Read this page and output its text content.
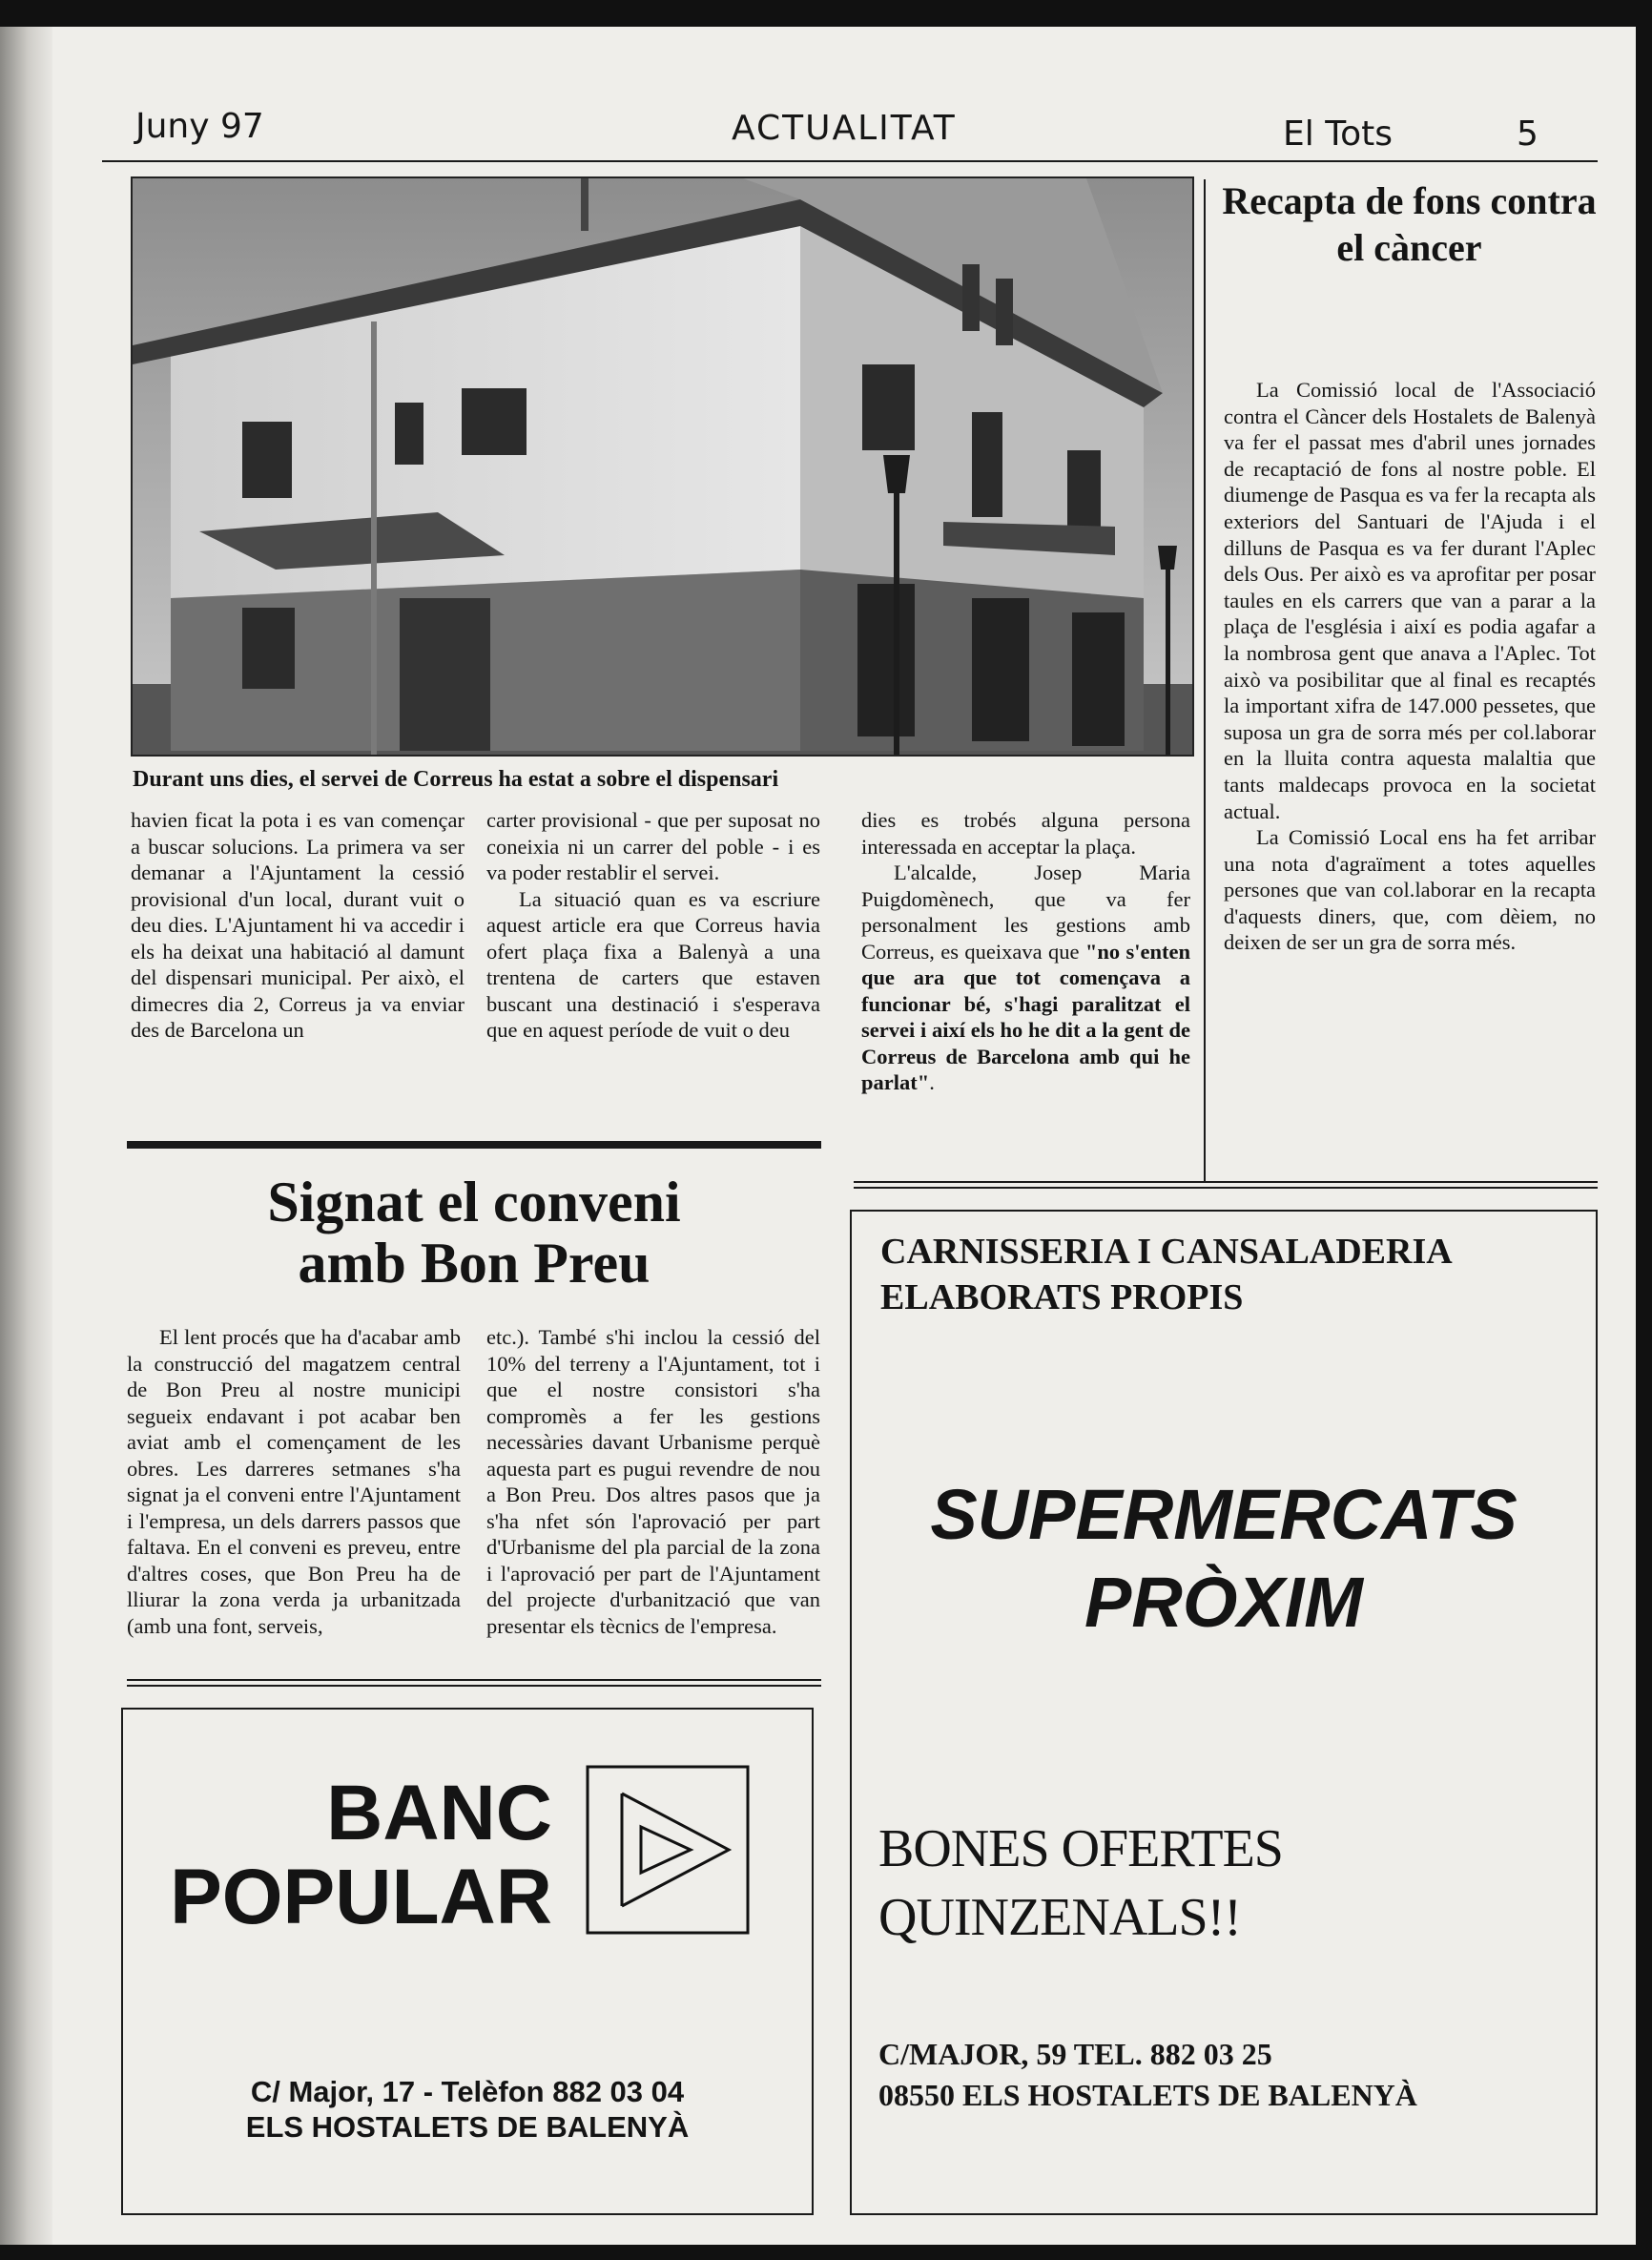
Juny 97	ACTUALITAT	El Tots	5
Durant uns dies, el servei de Correus ha estat a sobre el dispensari

havien ficat la pota i es van començar a buscar solucions. La primera va ser demanar a l'Ajuntament la cessió provisional d'un local, durant vuit o deu dies. L'Ajuntament hi va accedir i els ha deixat una habitació al damunt del dispensari municipal. Per això, el dimecres dia 2, Correus ja va enviar des de Barcelona un

carter provisional - que per suposat no coneixia ni un carrer del poble - i es va poder restablir el servei.

La situació quan es va escriure aquest article era que Correus havia ofert plaça fixa a Balenyà a una trentena de carters que estaven buscant una destinació i s'esperava que en aquest període de vuit o deu

dies es trobés alguna persona interessada en acceptar la plaça.

L'alcalde, Josep Maria Puigdomènech, que va fer personalment les gestions amb Correus, es queixava que "no s'enten que ara que tot començava a funcionar bé, s'hagi paralitzat el servei i així els ho he dit a la gent de Correus de Barcelona amb qui he parlat".

Recapta de fons contra el càncer

La Comissió local de l'Associació contra el Càncer dels Hostalets de Balenyà va fer el passat mes d'abril unes jornades de recaptació de fons al nostre poble. El diumenge de Pasqua es va fer la recapta als exteriors del Santuari de l'Ajuda i el dilluns de Pasqua es va fer durant l'Aplec dels Ous. Per això es va aprofitar per posar taules en els carrers que van a parar a la plaça de l'església i així es podia agafar a la nombrosa gent que anava a l'Aplec. Tot això va posibilitar que al final es recaptés la important xifra de 147.000 pessetes, que suposa un gra de sorra més per col.laborar en la lluita contra aquesta malaltia que tants maldecaps provoca en la societat actual.

La Comissió Local ens ha fet arribar una nota d'agraïment a totes aquelles persones que van col.laborar en la recapta d'aquests diners, que, com dèiem, no deixen de ser un gra de sorra més.

Signat el conveni
amb Bon Preu

El lent procés que ha d'acabar amb la construcció del magatzem central de Bon Preu al nostre municipi segueix endavant i pot acabar ben aviat amb el començament de les obres. Les darreres setmanes s'ha signat ja el conveni entre l'Ajuntament i l'empresa, un dels darrers passos que faltava. En el conveni es preveu, entre d'altres coses, que Bon Preu ha de lliurar la zona verda ja urbanitzada (amb una font, serveis,

etc.). També s'hi inclou la cessió del 10% del terreny a l'Ajuntament, tot i que el nostre consistori s'ha compromès a fer les gestions necessàries davant Urbanisme perquè aquesta part es pugui revendre de nou a Bon Preu. Dos altres pasos que ja s'ha nfet són l'aprovació per part d'Urbanisme del pla parcial de la zona i l'aprovació per part de l'Ajuntament del projecte d'urbanització que van presentar els tècnics de l'empresa.

BANC
POPULAR
C/ Major, 17 - Telèfon 882 03 04
ELS HOSTALETS DE BALENYÀ
CARNISSERIA I CANSALADERIA
ELABORATS PROPIS
SUPERMERCATS
PRÒXIM
BONES OFERTES
QUINZENALS!!
C/MAJOR, 59 TEL. 882 03 25
08550 ELS HOSTALETS DE BALENYÀ
